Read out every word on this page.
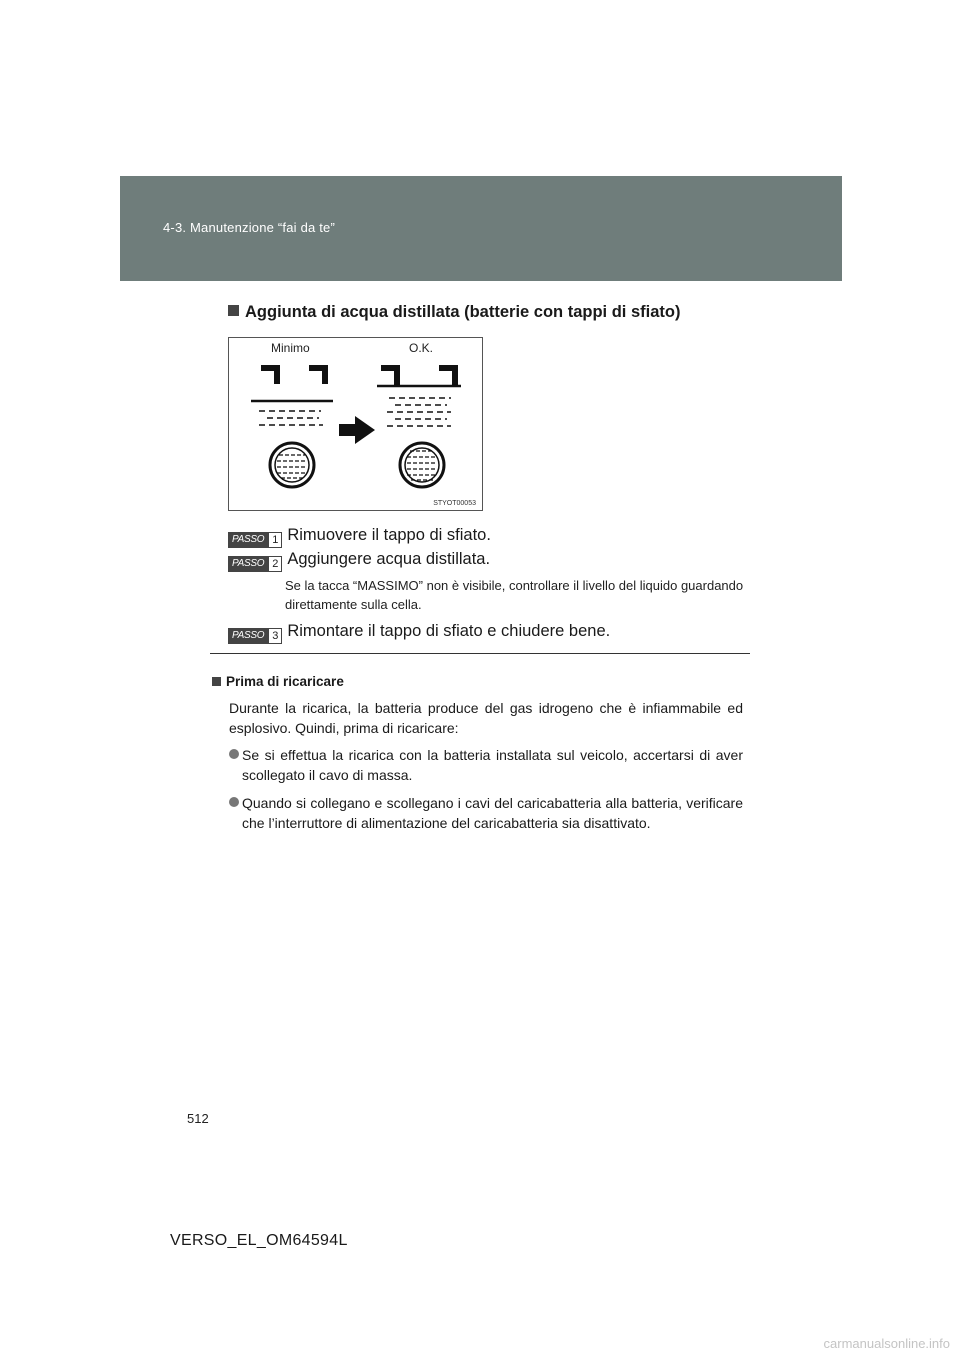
4-3. Manutenzione “fai da te”
Aggiunta di acqua distillata (batterie con tappi di sfiato)
Minimo	O.K.
STYOT00053
PASSO 1 Rimuovere il tappo di sfiato.
PASSO 2 Aggiungere acqua distillata.
Se la tacca “MASSIMO” non è visibile, controllare il livello del liquido guardando direttamente sulla cella.
PASSO 3 Rimontare il tappo di sfiato e chiudere bene.
Prima di ricaricare
Durante la ricarica, la batteria produce del gas idrogeno che è infiammabile ed esplosivo. Quindi, prima di ricaricare:
Se si effettua la ricarica con la batteria installata sul veicolo, accertarsi di aver scollegato il cavo di massa.
Quando si collegano e scollegano i cavi del caricabatteria alla batteria, verificare che l’interruttore di alimentazione del caricabatteria sia disattivato.
512
VERSO_EL_OM64594L
carmanualsonline.info
